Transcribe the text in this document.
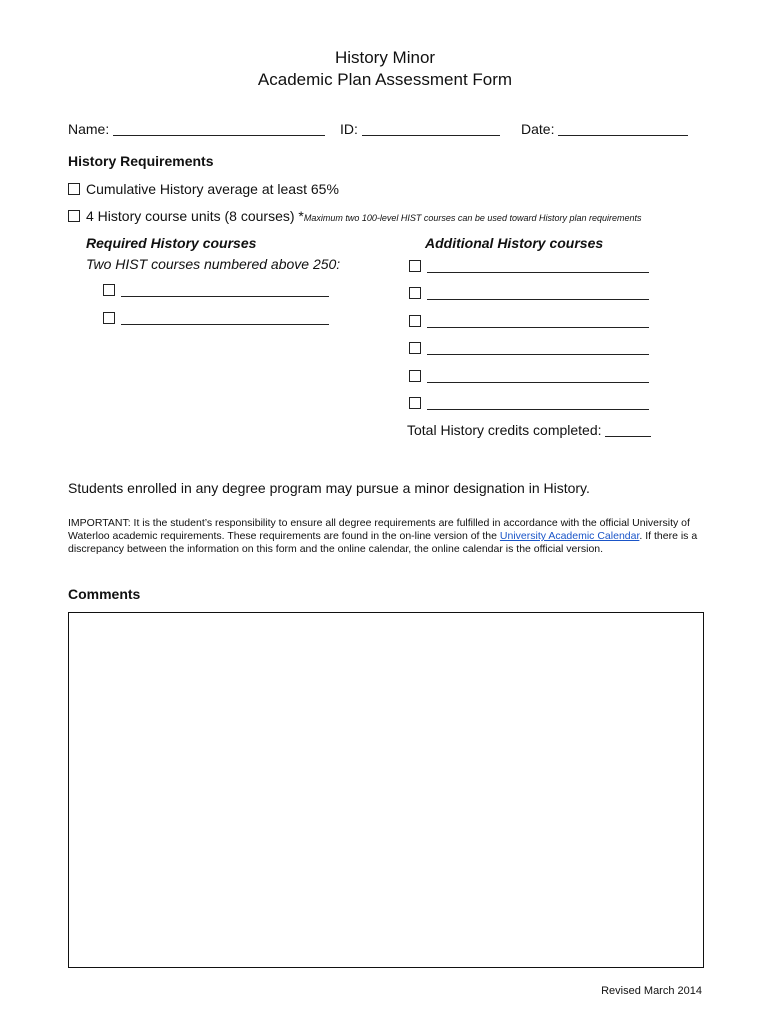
History Minor
Academic Plan Assessment Form
Name:	ID:	Date:
History Requirements
Cumulative History average at least 65%
4 History course units (8 courses) *Maximum two 100-level HIST courses can be used toward History plan requirements
Required History courses
Two HIST courses numbered above 250:
Additional History courses
Total History credits completed:
Students enrolled in any degree program may pursue a minor designation in History.
IMPORTANT: It is the student’s responsibility to ensure all degree requirements are fulfilled in accordance with the official University of Waterloo academic requirements. These requirements are found in the on-line version of the University Academic Calendar. If there is a discrepancy between the information on this form and the online calendar, the online calendar is the official version.
Comments
Revised March 2014
